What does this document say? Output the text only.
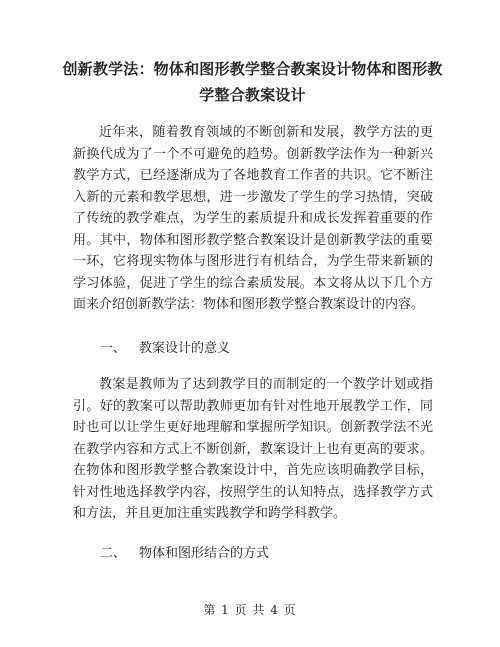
创新教学法：物体和图形教学整合教案设计物体和图形教学整合教案设计

近年来，随着教育领域的不断创新和发展，教学方法的更新换代成为了一个不可避免的趋势。创新教学法作为一种新兴教学方式，已经逐渐成为了各地教育工作者的共识。它不断注入新的元素和教学思想，进一步激发了学生的学习热情，突破了传统的教学难点，为学生的素质提升和成长发挥着重要的作用。其中，物体和图形教学整合教案设计是创新教学法的重要一环，它将现实物体与图形进行有机结合，为学生带来新颖的学习体验，促进了学生的综合素质发展。本文将从以下几个方面来介绍创新教学法：物体和图形教学整合教案设计的内容。

一、 教案设计的意义

教案是教师为了达到教学目的而制定的一个教学计划或指引。好的教案可以帮助教师更加有针对性地开展教学工作，同时也可以让学生更好地理解和掌握所学知识。创新教学法不光在教学内容和方式上不断创新，教案设计上也有更高的要求。在物体和图形教学整合教案设计中，首先应该明确教学目标，针对性地选择教学内容，按照学生的认知特点，选择教学方式和方法，并且更加注重实践教学和跨学科教学。

二、 物体和图形结合的方式
第 1 页 共 4 页
